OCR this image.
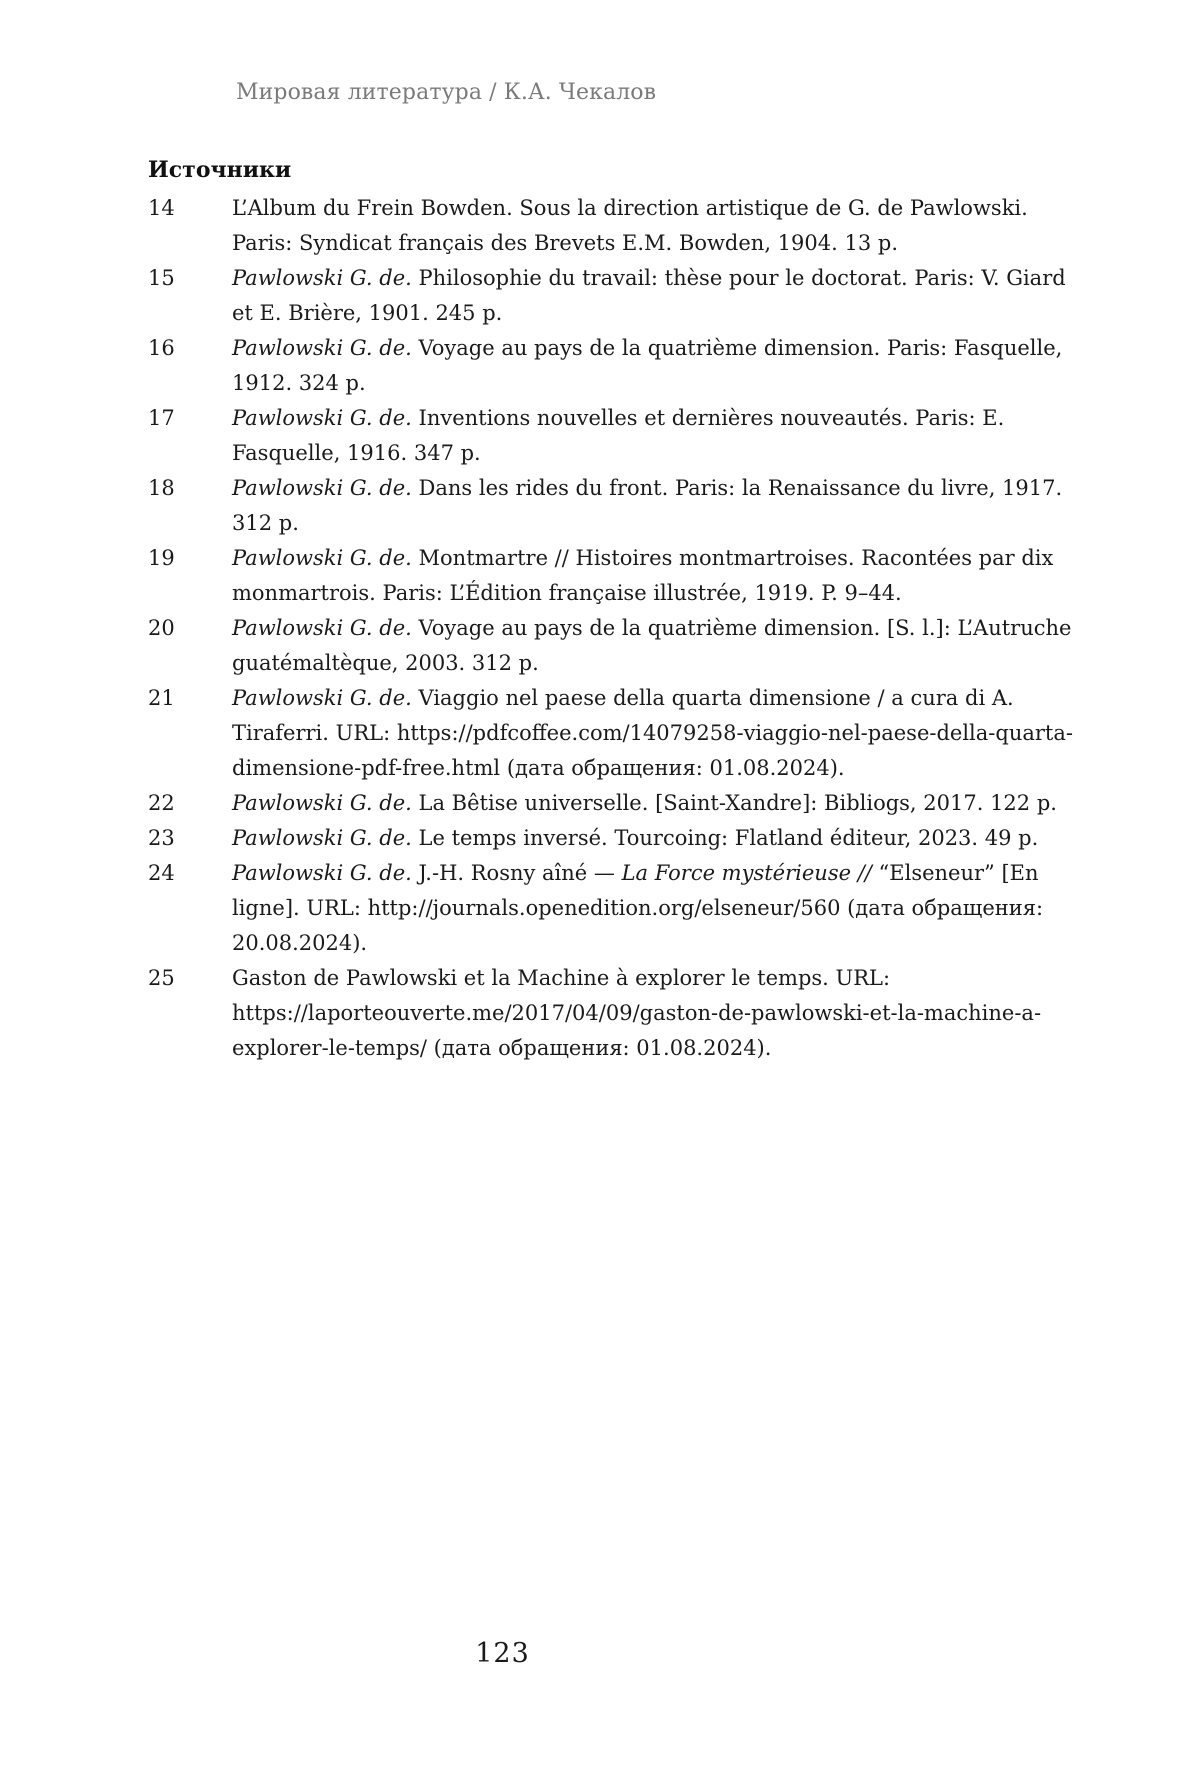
Мировая литература / К.А. Чекалов
Источники
14	L’Album du Frein Bowden. Sous la direction artistique de G. de Pawlowski. Paris: Syndicat français des Brevets E.M. Bowden, 1904. 13 p.
15	Pawlowski G. de. Philosophie du travail: thèse pour le doctorat. Paris: V. Giard et E. Brière, 1901. 245 p.
16	Pawlowski G. de. Voyage au pays de la quatrième dimension. Paris: Fasquelle, 1912. 324 p.
17	Pawlowski G. de. Inventions nouvelles et dernières nouveautés. Paris: E. Fasquelle, 1916. 347 p.
18	Pawlowski G. de. Dans les rides du front. Paris: la Renaissance du livre, 1917. 312 p.
19	Pawlowski G. de. Montmartre // Histoires montmartroises. Racontées par dix monmartrois. Paris: L’Édition française illustrée, 1919. P. 9–44.
20	Pawlowski G. de. Voyage au pays de la quatrième dimension. [S. l.]: L’Autruche guatémaltèque, 2003. 312 p.
21	Pawlowski G. de. Viaggio nel paese della quarta dimensione / a cura di A. Tiraferri. URL: https://pdfcoffee.com/14079258-viaggio-nel-paese-della-quarta-dimensione-pdf-free.html (дата обращения: 01.08.2024).
22	Pawlowski G. de. La Bêtise universelle. [Saint-Xandre]: Bibliogs, 2017. 122 p.
23	Pawlowski G. de. Le temps inversé. Tourcoing: Flatland éditeur, 2023. 49 p.
24	Pawlowski G. de. J.-H. Rosny aîné — La Force mystérieuse // “Elseneur” [En ligne]. URL: http://journals.openedition.org/elseneur/560 (дата обращения: 20.08.2024).
25	Gaston de Pawlowski et la Machine à explorer le temps. URL: https://laporteouverte.me/2017/04/09/gaston-de-pawlowski-et-la-machine-a-explorer-le-temps/ (дата обращения: 01.08.2024).
123
